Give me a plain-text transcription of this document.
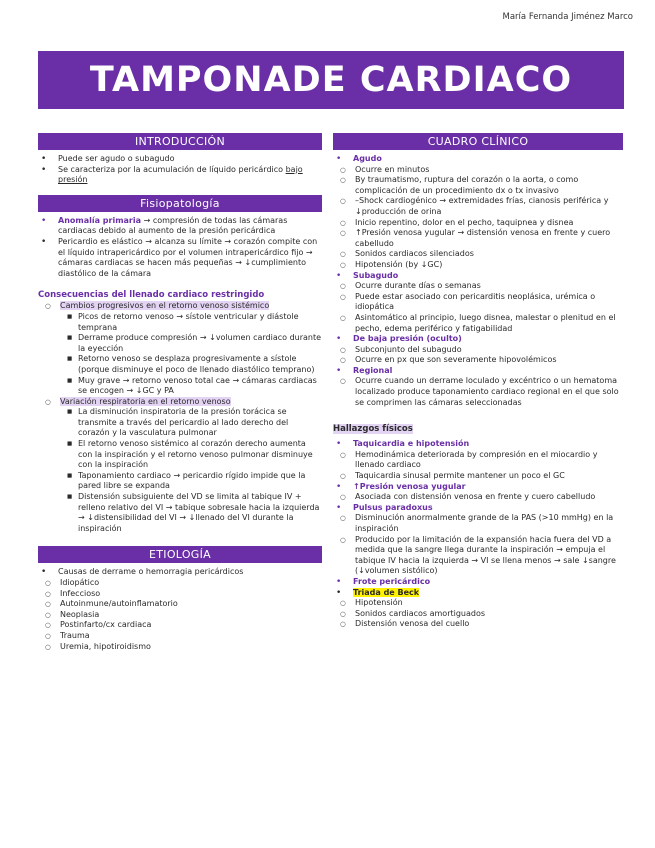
María Fernanda Jiménez Marco
TAMPONADE CARDIACO
INTRODUCCIÓN
• Puede ser agudo o subagudo
• Se caracteriza por la acumulación de líquido pericárdico bajo presión
Fisiopatología
• Anomalía primaria → compresión de todas las cámaras cardiacas debido al aumento de la presión pericárdica
• Pericardio es elástico → alcanza su límite → corazón compite con el líquido intrapericárdico por el volumen intrapericárdico fijo → cámaras cardiacas se hacen más pequeñas → ↓cumplimiento diastólico de la cámara
Consecuencias del llenado cardiaco restringido
○ Cambios progresivos en el retorno venoso sistémico
■ Picos de retorno venoso → sístole ventricular y diástole temprana
■ Derrame produce compresión → ↓volumen cardiaco durante la eyección
■ Retorno venoso se desplaza progresivamente a sístole (porque disminuye el poco de llenado diastólico temprano)
■ Muy grave → retorno venoso total cae → cámaras cardiacas se encogen → ↓GC y PA
○ Variación respiratoria en el retorno venoso
■ La disminución inspiratoria de la presión torácica se transmite a través del pericardio al lado derecho del corazón y la vasculatura pulmonar
■ El retorno venoso sistémico al corazón derecho aumenta con la inspiración y el retorno venoso pulmonar disminuye con la inspiración
■ Taponamiento cardiaco → pericardio rígido impide que la pared libre se expanda
■ Distensión subsiguiente del VD se limita al tabique IV + relleno relativo del VI → tabique sobresale hacia la izquierda → ↓distensibilidad del VI → ↓llenado del VI durante la inspiración
ETIOLOGÍA
• Causas de derrame o hemorragia pericárdicos
○ Idiopático
○ Infeccioso
○ Autoinmune/autoinflamatorio
○ Neoplasia
○ Postinfarto/cx cardiaca
○ Trauma
○ Uremia, hipotiroidismo
CUADRO CLÍNICO
• Agudo
○ Ocurre en minutos
○ By traumatismo, ruptura del corazón o la aorta, o como complicación de un procedimiento dx o tx invasivo
○ –Shock cardiogénico → extremidades frías, cianosis periférica y ↓producción de orina
○ Inicio repentino, dolor en el pecho, taquipnea y disnea
○ ↑Presión venosa yugular → distensión venosa en frente y cuero cabelludo
○ Sonidos cardiacos silenciados
○ Hipotensión (by ↓GC)
• Subagudo
○ Ocurre durante días o semanas
○ Puede estar asociado con pericarditis neoplásica, urémica o idiopática
○ Asintomático al principio, luego disnea, malestar o plenitud en el pecho, edema periférico y fatigabilidad
• De baja presión (oculto)
○ Subconjunto del subagudo
○ Ocurre en px que son severamente hipovolémicos
• Regional
○ Ocurre cuando un derrame loculado y excéntrico o un hematoma localizado produce taponamiento cardiaco regional en el que solo se comprimen las cámaras seleccionadas
Hallazgos físicos
• Taquicardia e hipotensión
○ Hemodinámica deteriorada by compresión en el miocardio y llenado cardiaco
○ Taquicardia sinusal permite mantener un poco el GC
• ↑Presión venosa yugular
○ Asociada con distensión venosa en frente y cuero cabelludo
• Pulsus paradoxus
○ Disminución anormalmente grande de la PAS (>10 mmHg) en la inspiración
○ Producido por la limitación de la expansión hacia fuera del VD a medida que la sangre llega durante la inspiración → empuja el tabique IV hacia la izquierda → VI se llena menos → sale ↓sangre (↓volumen sistólico)
• Frote pericárdico
• Triada de Beck
○ Hipotensión
○ Sonidos cardiacos amortiguados
○ Distensión venosa del cuello
